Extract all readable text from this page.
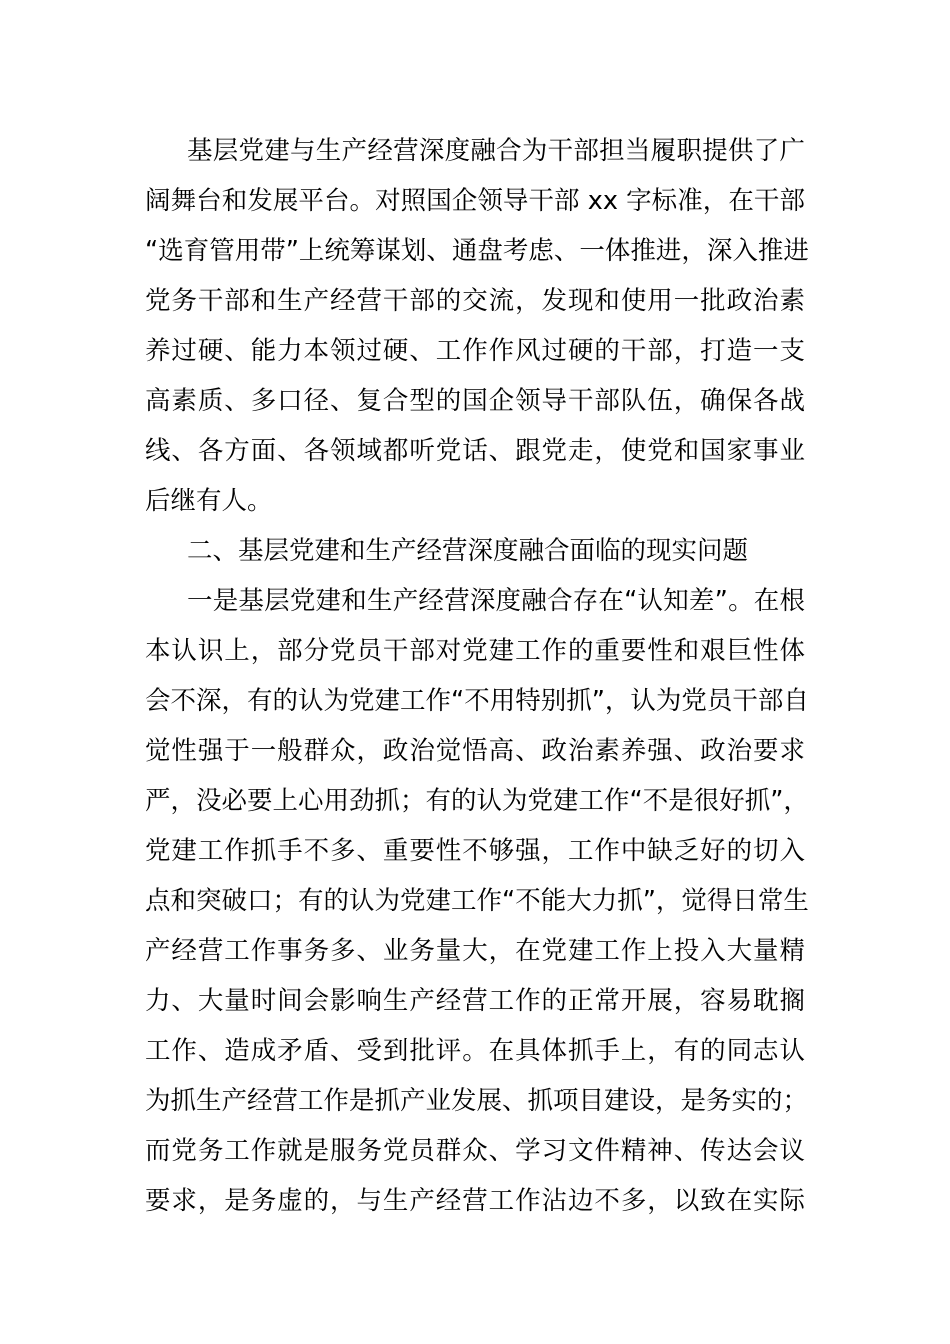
基层党建与生产经营深度融合为干部担当履职提供了广
阔舞台和发展平台。对照国企领导干部 xx 字标准，在干部
“选育管用带”上统筹谋划、通盘考虑、一体推进，深入推进
党务干部和生产经营干部的交流，发现和使用一批政治素
养过硬、能力本领过硬、工作作风过硬的干部，打造一支
高素质、多口径、复合型的国企领导干部队伍，确保各战
线、各方面、各领域都听党话、跟党走，使党和国家事业
后继有人。
二、基层党建和生产经营深度融合面临的现实问题
一是基层党建和生产经营深度融合存在“认知差”。在根
本认识上，部分党员干部对党建工作的重要性和艰巨性体
会不深，有的认为党建工作“不用特别抓”，认为党员干部自
觉性强于一般群众，政治觉悟高、政治素养强、政治要求
严，没必要上心用劲抓；有的认为党建工作“不是很好抓”，
党建工作抓手不多、重要性不够强，工作中缺乏好的切入
点和突破口；有的认为党建工作“不能大力抓”，觉得日常生
产经营工作事务多、业务量大，在党建工作上投入大量精
力、大量时间会影响生产经营工作的正常开展，容易耽搁
工作、造成矛盾、受到批评。在具体抓手上，有的同志认
为抓生产经营工作是抓产业发展、抓项目建设，是务实的；
而党务工作就是服务党员群众、学习文件精神、传达会议
要求，是务虚的，与生产经营工作沾边不多，以致在实际
